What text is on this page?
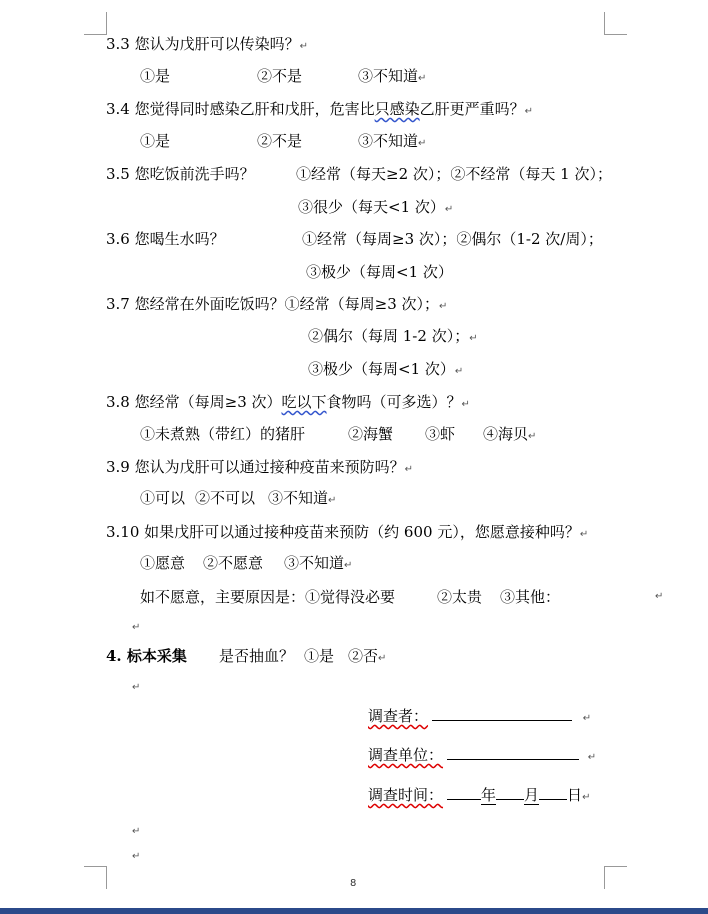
3.3 您认为戊肝可以传染吗？↵
①是	②不是	③不知道↵
3.4 您觉得同时感染乙肝和戊肝，危害比只感染乙肝更严重吗？↵
①是	②不是	③不知道↵
3.5 您吃饭前洗手吗？	①经常（每天≥2 次）；②不经常（每天 1 次）；
③很少（每天<1 次）↵
3.6 您喝生水吗？	①经常（每周≥3 次）；②偶尔（1-2 次/周）；
③极少（每周<1 次）
3.7 您经常在外面吃饭吗？①经常（每周≥3 次）；↵
②偶尔（每周 1-2 次）；↵
③极少（每周<1 次）↵
3.8 您经常（每周≥3 次）吃以下食物吗（可多选）？↵
①未煮熟（带红）的猪肝	②海蟹 ③虾 ④海贝↵
3.9 您认为戊肝可以通过接种疫苗来预防吗？↵
①可以 ②不可以 ③不知道↵
3.10 如果戊肝可以通过接种疫苗来预防（约 600 元），您愿意接种吗？↵
①愿意 ②不愿意 ③不知道↵
如不愿意，主要原因是：①觉得没必要	②太贵 ③其他：	↵
↵
4. 标本采集 是否抽血？ ①是 ②否↵
↵
调查者：	↵
调查单位：	↵
调查时间：	年 月 日↵
↵
↵
8
